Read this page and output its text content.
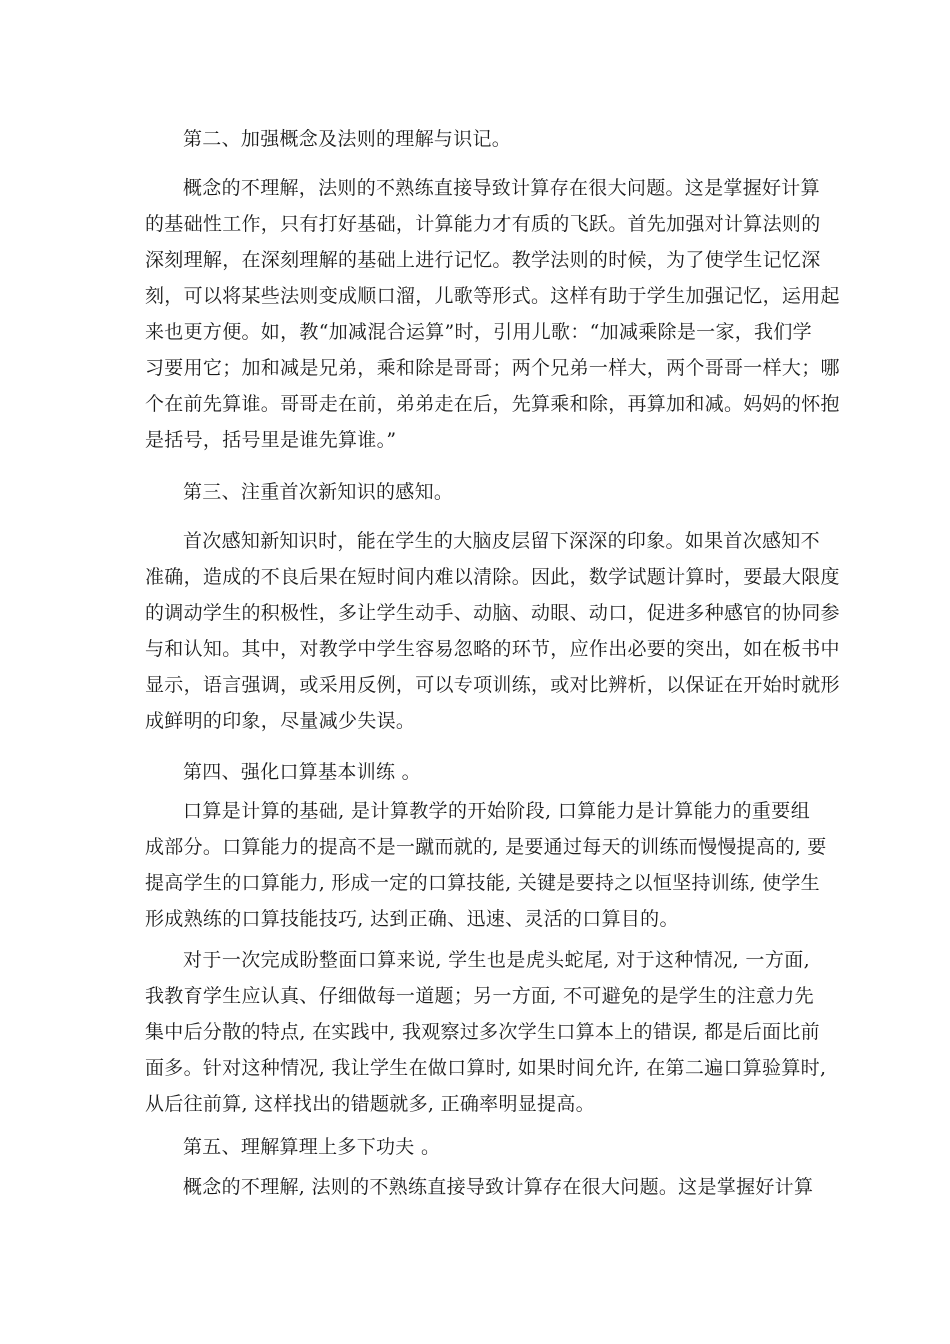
第二、加强概念及法则的理解与识记。
概念的不理解，法则的不熟练直接导致计算存在很大问题。这是掌握好计算
的基础性工作，只有打好基础，计算能力才有质的飞跃。首先加强对计算法则的
深刻理解，在深刻理解的基础上进行记忆。教学法则的时候，为了使学生记忆深
刻，可以将某些法则变成顺口溜，儿歌等形式。这样有助于学生加强记忆，运用起
来也更方便。如，教“加减混合运算”时，引用儿歌：“加减乘除是一家，我们学
习要用它；加和减是兄弟，乘和除是哥哥；两个兄弟一样大，两个哥哥一样大；哪
个在前先算谁。哥哥走在前，弟弟走在后，先算乘和除，再算加和减。妈妈的怀抱
是括号，括号里是谁先算谁。”
第三、注重首次新知识的感知。
首次感知新知识时，能在学生的大脑皮层留下深深的印象。如果首次感知不
准确，造成的不良后果在短时间内难以清除。因此，数学试题计算时，要最大限度
的调动学生的积极性，多让学生动手、动脑、动眼、动口，促进多种感官的协同参
与和认知。其中，对教学中学生容易忽略的环节，应作出必要的突出，如在板书中
显示，语言强调，或采用反例，可以专项训练，或对比辨析，以保证在开始时就形
成鲜明的印象，尽量减少失误。
第四、强化口算基本训练 。
口算是计算的基础, 是计算教学的开始阶段, 口算能力是计算能力的重要组
成部分。口算能力的提高不是一蹴而就的, 是要通过每天的训练而慢慢提高的, 要
提高学生的口算能力, 形成一定的口算技能, 关键是要持之以恒坚持训练, 使学生
形成熟练的口算技能技巧, 达到正确、迅速、灵活的口算目的。
对于一次完成盼整面口算来说, 学生也是虎头蛇尾, 对于这种情况, 一方面,
我教育学生应认真、仔细做每一道题；另一方面, 不可避免的是学生的注意力先
集中后分散的特点, 在实践中, 我观察过多次学生口算本上的错误, 都是后面比前
面多。针对这种情况, 我让学生在做口算时, 如果时间允许, 在第二遍口算验算时,
从后往前算, 这样找出的错题就多, 正确率明显提高。
第五、理解算理上多下功夫 。
概念的不理解, 法则的不熟练直接导致计算存在很大问题。这是掌握好计算
